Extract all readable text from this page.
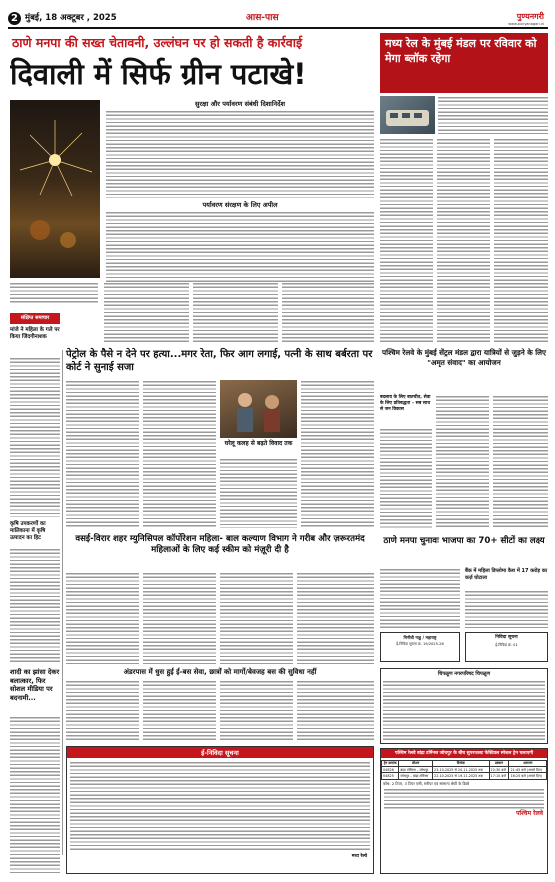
2 मुंबई, 18 अक्टूबर , 2025	आस-पास	पुण्यनगरी
www.punyanagari.in
ठाणे मनपा की सख्त चेतावनी, उल्लंघन पर हो सकती है कार्रवाई
दिवाली में सिर्फ ग्रीन पटाखे!
सुरक्षा और पर्यावरण संबंधी दिशानिर्देश
पर्यावरण संरक्षण के लिए अपील
मध्य रेल के मुंबई मंडल पर रविवार को मेगा ब्लॉक रहेगा
संक्षिप्त समाचार
मांजे ने महिला के गले पर किया जिंदगीनाशक
कृषि उपकरणों का मालिकाना में कृषि उत्पादन का हिट
पेट्रोल के पैसे न देने पर हत्या...मगर रेता, फिर आग लगाई, पत्नी के साथ बर्बरता पर कोर्ट ने सुनाई सजा
घरेलू कलह से बढ़ते विवाद तक
पश्चिम रेलवे के मुंबई सेंट्रल मंडल द्वारा यात्रियों से जुड़ने के लिए "अमृत संवाद" का आयोजन
बदलाव के लिए बातचीत, सेवा के लिए प्रतिबद्धता – सब साथ से जन विकास
वसई-विरार शहर म्युनिसिपल कॉर्पोरेशन महिला- बाल कल्याण विभाग ने गरीब और ज़रूरतमंद महिलाओं के लिए कई स्कीम को मंज़ूरी दी है
ठाणे मनपा चुनावः भाजपा का 70+ सीटों का लक्ष्य
बैंक में महिला डिप्लोमा कैश में 17 करोड़ का कर्ज़ घोटाला
मिनीवी नाडु / महाराष्ट्र
ई-निविदा सूचना क्र. 19/2025-26
निविदा सूचना
ई-निविदा क्र. 01
शादी का झांसा देकर बलात्कार, फिर सोशल मीडिया पर बदनामी...
अंडरपास में धुस हुई ई-बस सेवा, छात्रों को मार्गो/बेवजह बस की सुविधा नहीं	चिपळूण नगरपरिषद चिपळूण
ई-निविदा सूचना
मध्य रेल्वे
पश्चिम रेलवे बांद्रा टर्मिनस जोधपुर के बीच सुपरफास्ट फेस्टिवल स्पेशल ट्रेन चलाएगी
ट्रेन क्रमांक	स्टेशन	दिनांक	प्रस्थान	आगमन
04826	बांद्रा टर्मिनस – जोधपुर	23.10.2025 से 20.11.2025 तक	22:30 बजे	21:45 बजे (अगले दिन)
04825	जोधपुर – बांद्रा टर्मिनस	22.10.2025 से 19.11.2025 तक	17:10 बजे	16:25 बजे (अगले दिन)
कोच: 2 टियर, 3 टियर एसी, स्लीपर एवं सामान्य श्रेणी के डिब्बे
पश्चिम रेलवे
